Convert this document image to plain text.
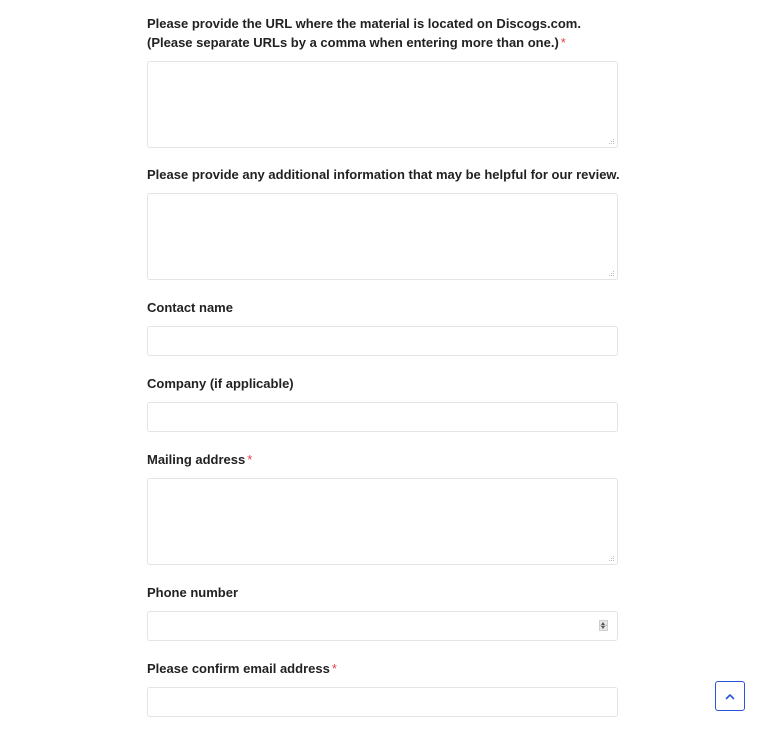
Please provide the URL where the material is located on Discogs.com. (Please separate URLs by a comma when entering more than one.) *
Please provide any additional information that may be helpful for our review.
Contact name
Company (if applicable)
Mailing address *
Phone number
Please confirm email address *
